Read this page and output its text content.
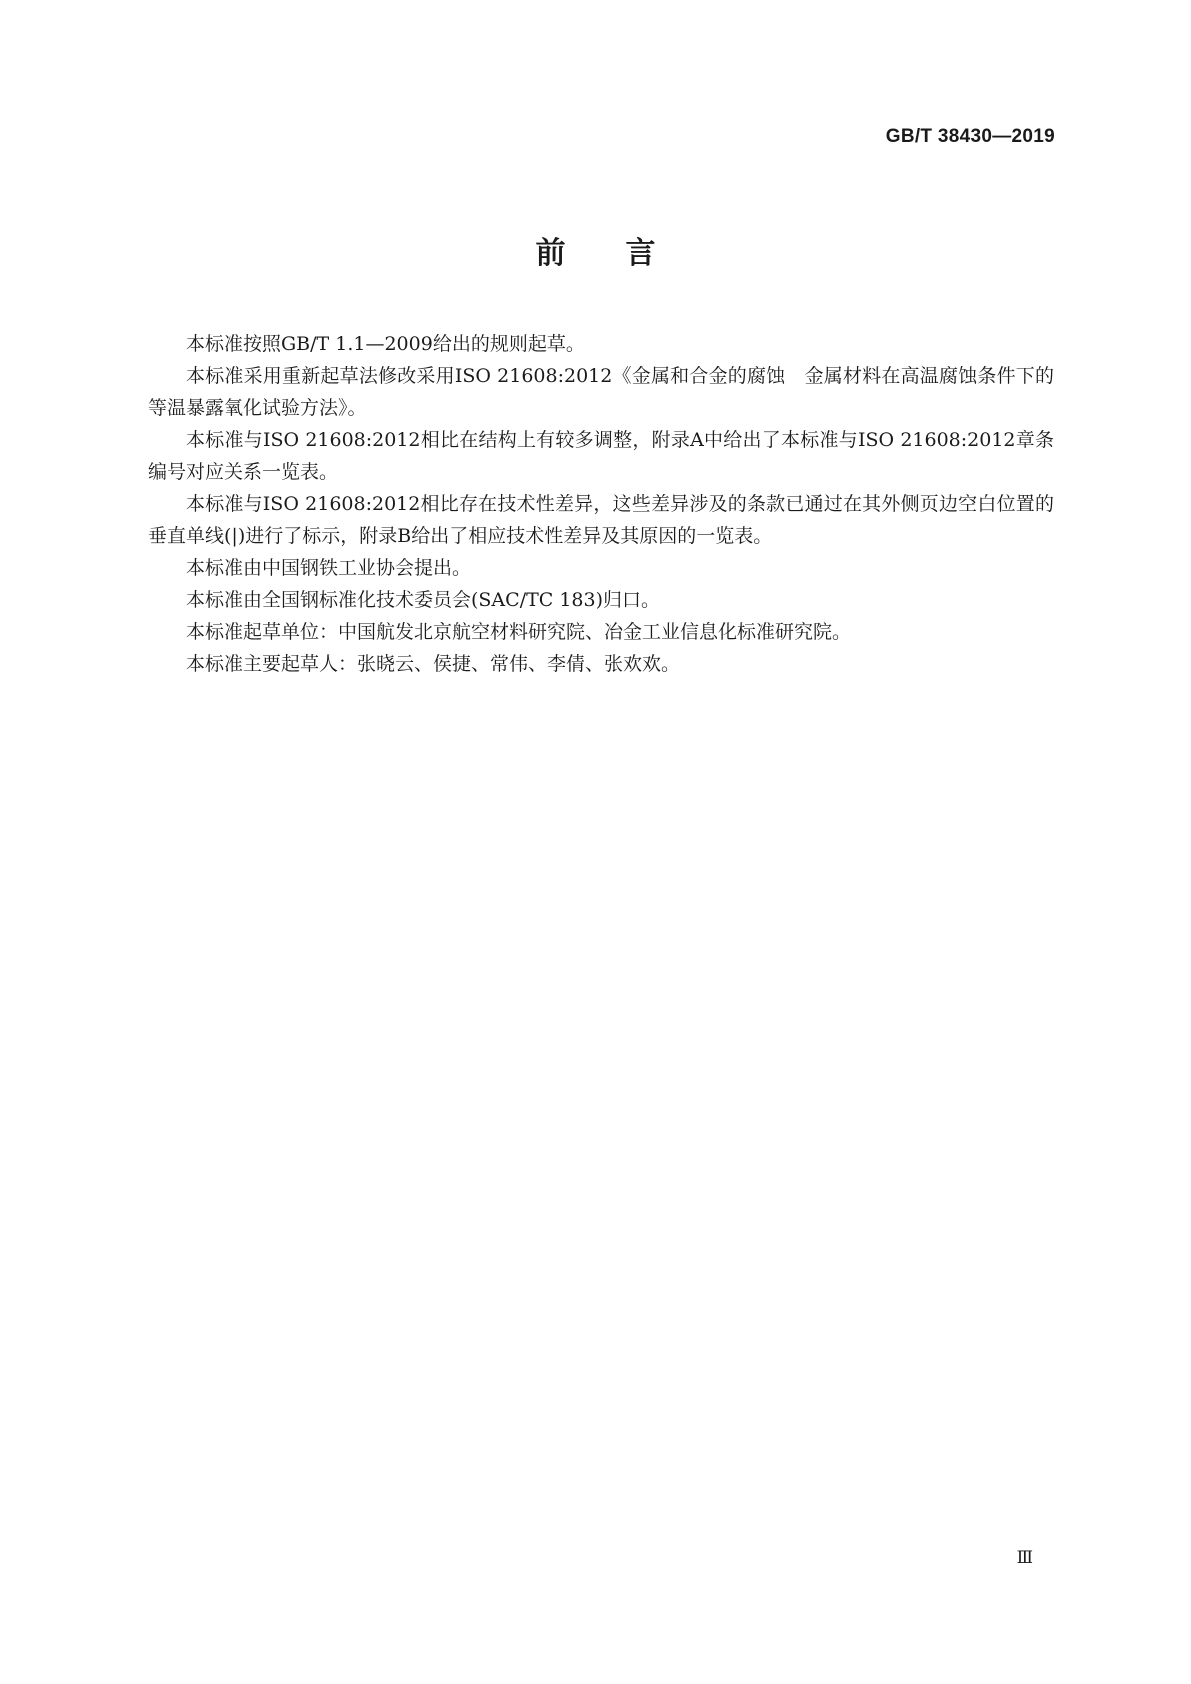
GB/T 38430—2019
前言

本标准按照GB/T 1.1—2009给出的规则起草。

本标准采用重新起草法修改采用ISO 21608:2012《金属和合金的腐蚀　金属材料在高温腐蚀条件下的等温暴露氧化试验方法》。

本标准与ISO 21608:2012相比在结构上有较多调整，附录A中给出了本标准与ISO 21608:2012章条编号对应关系一览表。

本标准与ISO 21608:2012相比存在技术性差异，这些差异涉及的条款已通过在其外侧页边空白位置的垂直单线(|)进行了标示，附录B给出了相应技术性差异及其原因的一览表。

本标准由中国钢铁工业协会提出。

本标准由全国钢标准化技术委员会(SAC/TC 183)归口。

本标准起草单位：中国航发北京航空材料研究院、冶金工业信息化标准研究院。

本标准主要起草人：张晓云、侯捷、常伟、李倩、张欢欢。

Ⅲ
